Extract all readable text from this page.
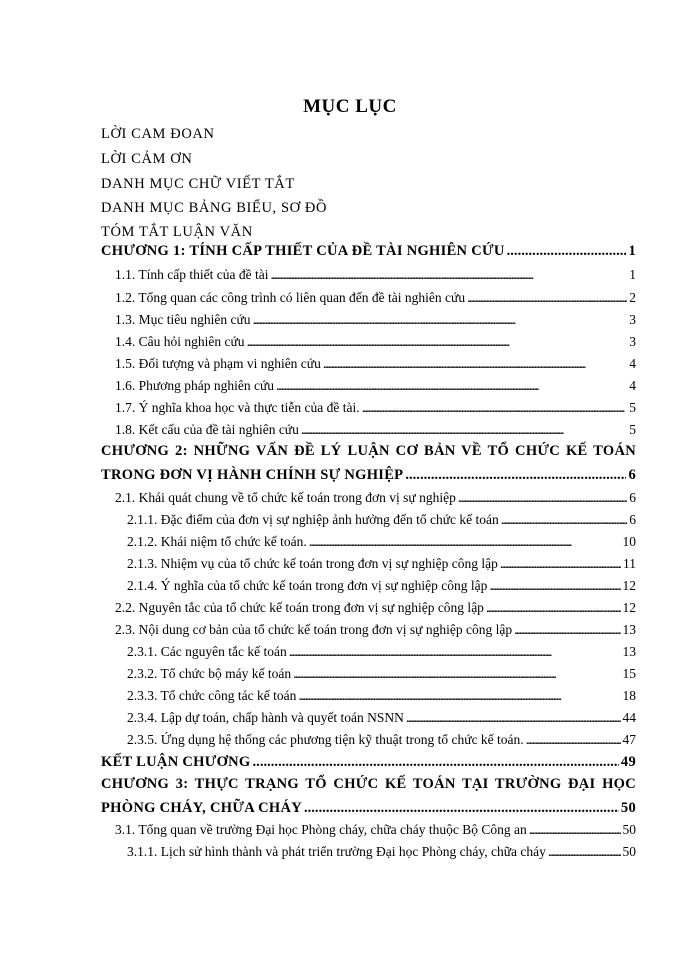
MỤC LỤC
LỜI CAM ĐOAN
LỜI CẢM ƠN
DANH MỤC CHỮ VIẾT TẮT
DANH MỤC BẢNG BIỂU, SƠ ĐỒ
TÓM TẮT LUẬN VĂN
CHƯƠNG 1: TÍNH CẤP THIẾT CỦA ĐỀ TÀI NGHIÊN CỨU . . .	1
1.1. Tính cấp thiết của đề tài . . .	1
1.2. Tổng quan các công trình có liên quan đến đề tài nghiên cứu . . .	2
1.3. Mục tiêu nghiên cứu . . .	3
1.4. Câu hỏi nghiên cứu . . .	3
1.5. Đối tượng và phạm vi nghiên cứu . . .	4
1.6. Phương pháp nghiên cứu . . .	4
1.7. Ý nghĩa khoa học và thực tiễn của đề tài. . . .	5
1.8. Kết cấu của đề tài nghiên cứu . . .	5
CHƯƠNG 2: NHỮNG VẤN ĐỀ LÝ LUẬN CƠ BẢN VỀ TỔ CHỨC KẾ TOÁN
TRONG ĐƠN VỊ HÀNH CHÍNH SỰ NGHIỆP . . .	6
2.1. Khái quát chung về tổ chức kế toán trong đơn vị sự nghiệp . . .	6
2.1.1. Đặc điểm của đơn vị sự nghiệp ảnh hưởng đến tổ chức kế toán . . .	6
2.1.2. Khái niệm tổ chức kế toán. . . .	10
2.1.3. Nhiệm vụ của tổ chức kế toán trong đơn vị sự nghiệp công lập . . .	11
2.1.4. Ý nghĩa của tổ chức kế toán trong đơn vị sự nghiệp công lập . . .	12
2.2. Nguyên tắc của tổ chức kế toán trong đơn vị sự nghiệp công lập . . .	12
2.3. Nội dung cơ bản của tổ chức kế toán trong đơn vị sự nghiệp công lập . . .	13
2.3.1. Các nguyên tắc kế toán . . .	13
2.3.2. Tổ chức bộ máy kế toán . . .	15
2.3.3. Tổ chức công tác kế toán . . .	18
2.3.4. Lập dự toán, chấp hành và quyết toán NSNN . . .	44
2.3.5. Ứng dụng hệ thống các phương tiện kỹ thuật trong tổ chức kế toán. . . .	47
KẾT LUẬN CHƯƠNG . . .	49
CHƯƠNG 3: THỰC TRẠNG TỔ CHỨC KẾ TOÁN TẠI TRƯỜNG ĐẠI HỌC
PHÒNG CHÁY, CHỮA CHÁY . . .	50
3.1. Tổng quan về trường Đại học Phòng cháy, chữa cháy thuộc Bộ Công an . . .	50
3.1.1. Lịch sử hình thành và phát triển trường Đại học Phòng cháy, chữa cháy . . .	50
